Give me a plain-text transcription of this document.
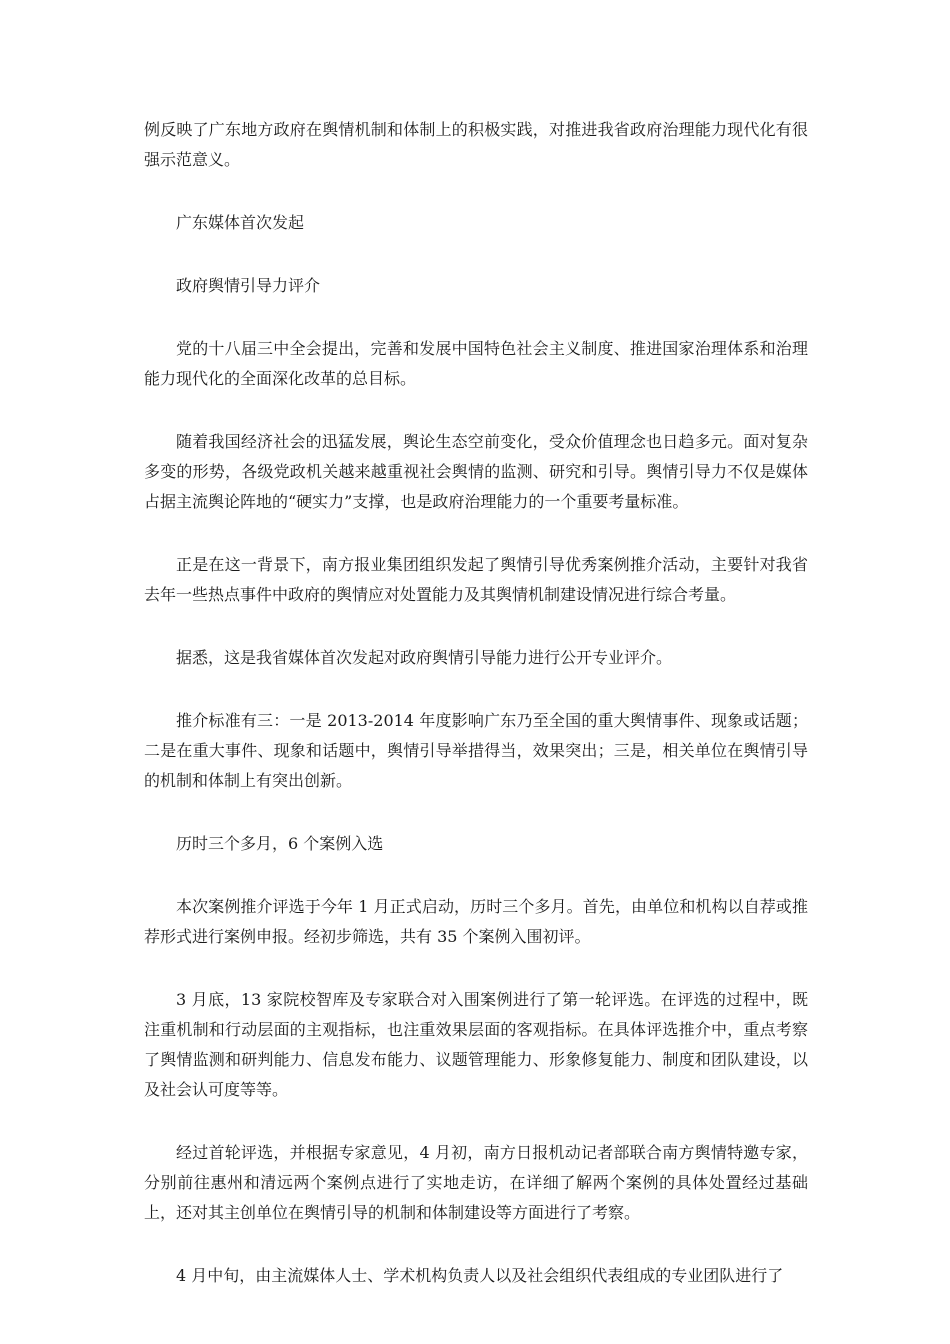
例反映了广东地方政府在舆情机制和体制上的积极实践，对推进我省政府治理能力现代化有很强示范意义。

广东媒体首次发起

政府舆情引导力评介

党的十八届三中全会提出，完善和发展中国特色社会主义制度、推进国家治理体系和治理能力现代化的全面深化改革的总目标。

随着我国经济社会的迅猛发展，舆论生态空前变化，受众价值理念也日趋多元。面对复杂多变的形势，各级党政机关越来越重视社会舆情的监测、研究和引导。舆情引导力不仅是媒体占据主流舆论阵地的“硬实力”支撑，也是政府治理能力的一个重要考量标准。

正是在这一背景下，南方报业集团组织发起了舆情引导优秀案例推介活动，主要针对我省去年一些热点事件中政府的舆情应对处置能力及其舆情机制建设情况进行综合考量。

据悉，这是我省媒体首次发起对政府舆情引导能力进行公开专业评介。

推介标准有三：一是 2013-2014 年度影响广东乃至全国的重大舆情事件、现象或话题；二是在重大事件、现象和话题中，舆情引导举措得当，效果突出；三是，相关单位在舆情引导的机制和体制上有突出创新。

历时三个多月，6 个案例入选

本次案例推介评选于今年 1 月正式启动，历时三个多月。首先，由单位和机构以自荐或推荐形式进行案例申报。经初步筛选，共有 35 个案例入围初评。

3 月底，13 家院校智库及专家联合对入围案例进行了第一轮评选。在评选的过程中，既注重机制和行动层面的主观指标，也注重效果层面的客观指标。在具体评选推介中，重点考察了舆情监测和研判能力、信息发布能力、议题管理能力、形象修复能力、制度和团队建设，以及社会认可度等等。

经过首轮评选，并根据专家意见，4 月初，南方日报机动记者部联合南方舆情特邀专家，分别前往惠州和清远两个案例点进行了实地走访，在详细了解两个案例的具体处置经过基础上，还对其主创单位在舆情引导的机制和体制建设等方面进行了考察。

4 月中旬，由主流媒体人士、学术机构负责人以及社会组织代表组成的专业团队进行了
